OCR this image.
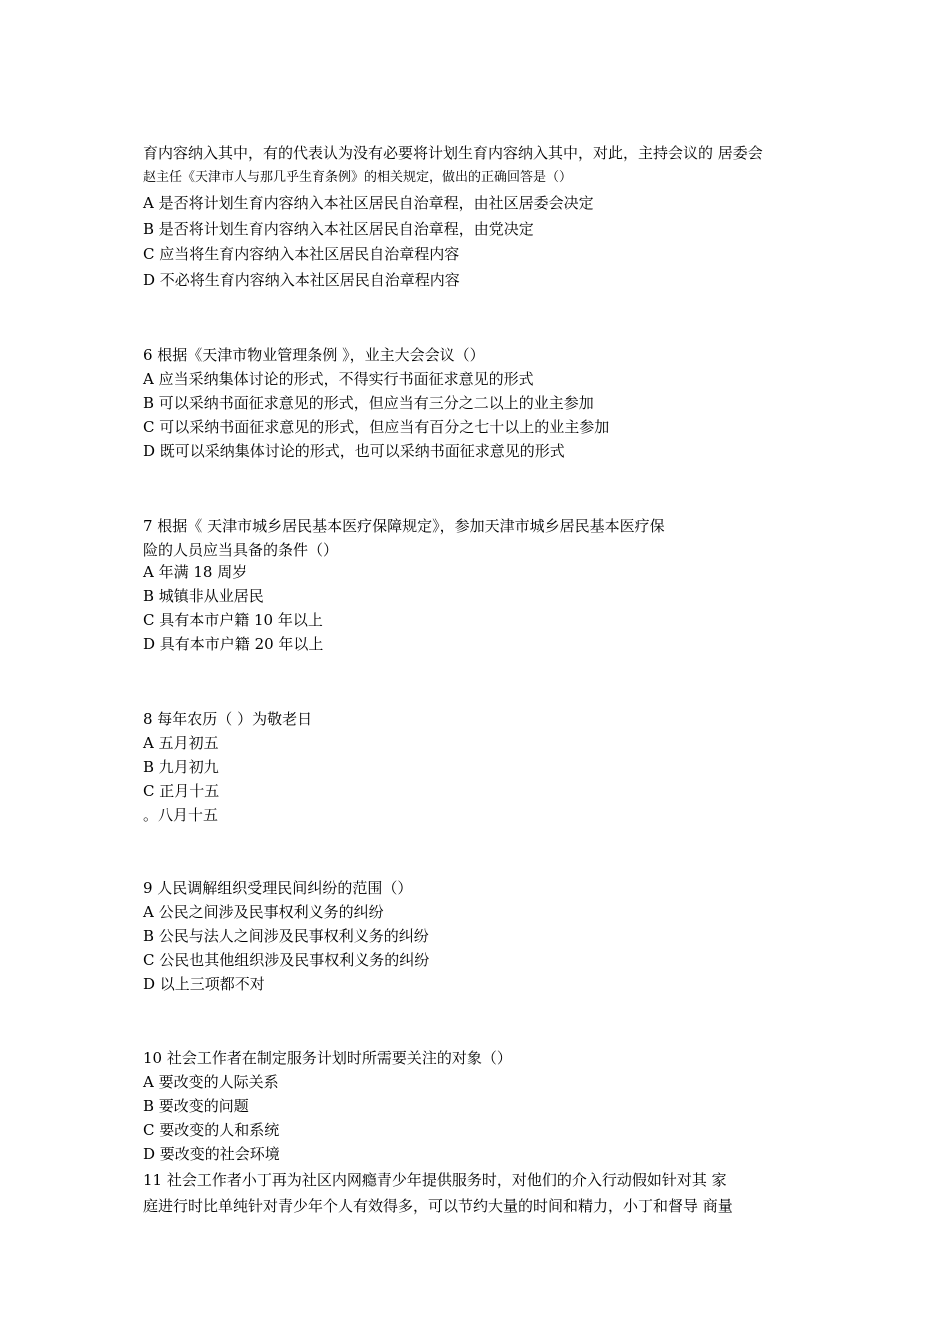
育内容纳入其中，有的代表认为没有必要将计划生育内容纳入其中，对此，主持会议的 居委会
赵主任《天津市人与那几乎生育条例》的相关规定，做出的正确回答是（）
A 是否将计划生育内容纳入本社区居民自治章程，由社区居委会决定
B 是否将计划生育内容纳入本社区居民自治章程，由党决定
C 应当将生育内容纳入本社区居民自治章程内容
D 不必将生育内容纳入本社区居民自治章程内容
6 根据《天津市物业管理条例 》，业主大会会议（）
A 应当采纳集体讨论的形式，不得实行书面征求意见的形式
B 可以采纳书面征求意见的形式，但应当有三分之二以上的业主参加
C 可以采纳书面征求意见的形式，但应当有百分之七十以上的业主参加
D 既可以采纳集体讨论的形式，也可以采纳书面征求意见的形式
7 根据《 天津市城乡居民基本医疗保障规定》，参加天津市城乡居民基本医疗保
险的人员应当具备的条件（）
A 年满 18 周岁
B 城镇非从业居民
C 具有本市户籍 10 年以上
D 具有本市户籍 20 年以上
8 每年农历（ ）为敬老日
A 五月初五
B 九月初九
C 正月十五
。八月十五
9 人民调解组织受理民间纠纷的范围（）
A 公民之间涉及民事权利义务的纠纷
B 公民与法人之间涉及民事权利义务的纠纷
C 公民也其他组织涉及民事权利义务的纠纷
D 以上三项都不对
10 社会工作者在制定服务计划时所需要关注的对象（）
A 要改变的人际关系
B 要改变的问题
C 要改变的人和系统
D 要改变的社会环境
11 社会工作者小丁再为社区内网瘾青少年提供服务时，对他们的介入行动假如针对其 家
庭进行时比单纯针对青少年个人有效得多，可以节约大量的时间和精力，小丁和督导 商量
